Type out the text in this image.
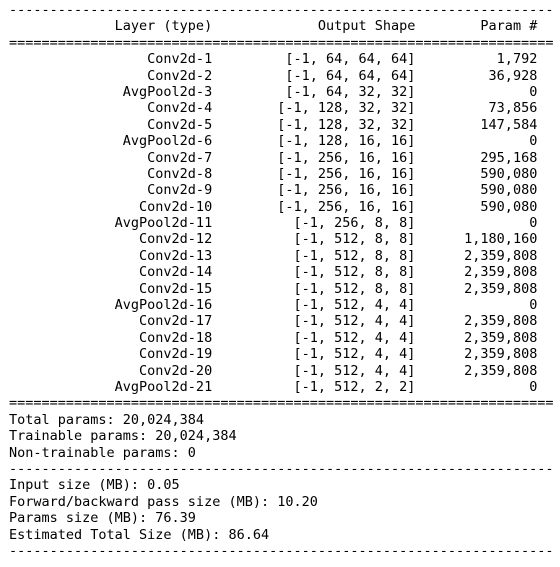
-------------------------------------------------------------------
Layer (type)             Output Shape        Param #
===================================================================
Conv2d-1         [-1, 64, 64, 64]          1,792
Conv2d-2         [-1, 64, 64, 64]         36,928
AvgPool2d-3         [-1, 64, 32, 32]              0
Conv2d-4        [-1, 128, 32, 32]         73,856
Conv2d-5        [-1, 128, 32, 32]        147,584
AvgPool2d-6        [-1, 128, 16, 16]              0
Conv2d-7        [-1, 256, 16, 16]        295,168
Conv2d-8        [-1, 256, 16, 16]        590,080
Conv2d-9        [-1, 256, 16, 16]        590,080
Conv2d-10        [-1, 256, 16, 16]        590,080
AvgPool2d-11          [-1, 256, 8, 8]              0
Conv2d-12          [-1, 512, 8, 8]      1,180,160
Conv2d-13          [-1, 512, 8, 8]      2,359,808
Conv2d-14          [-1, 512, 8, 8]      2,359,808
Conv2d-15          [-1, 512, 8, 8]      2,359,808
AvgPool2d-16          [-1, 512, 4, 4]              0
Conv2d-17          [-1, 512, 4, 4]      2,359,808
Conv2d-18          [-1, 512, 4, 4]      2,359,808
Conv2d-19          [-1, 512, 4, 4]      2,359,808
Conv2d-20          [-1, 512, 4, 4]      2,359,808
AvgPool2d-21          [-1, 512, 2, 2]              0
===================================================================
Total params: 20,024,384
Trainable params: 20,024,384
Non-trainable params: 0
-------------------------------------------------------------------
Input size (MB): 0.05
Forward/backward pass size (MB): 10.20
Params size (MB): 76.39
Estimated Total Size (MB): 86.64
-------------------------------------------------------------------
